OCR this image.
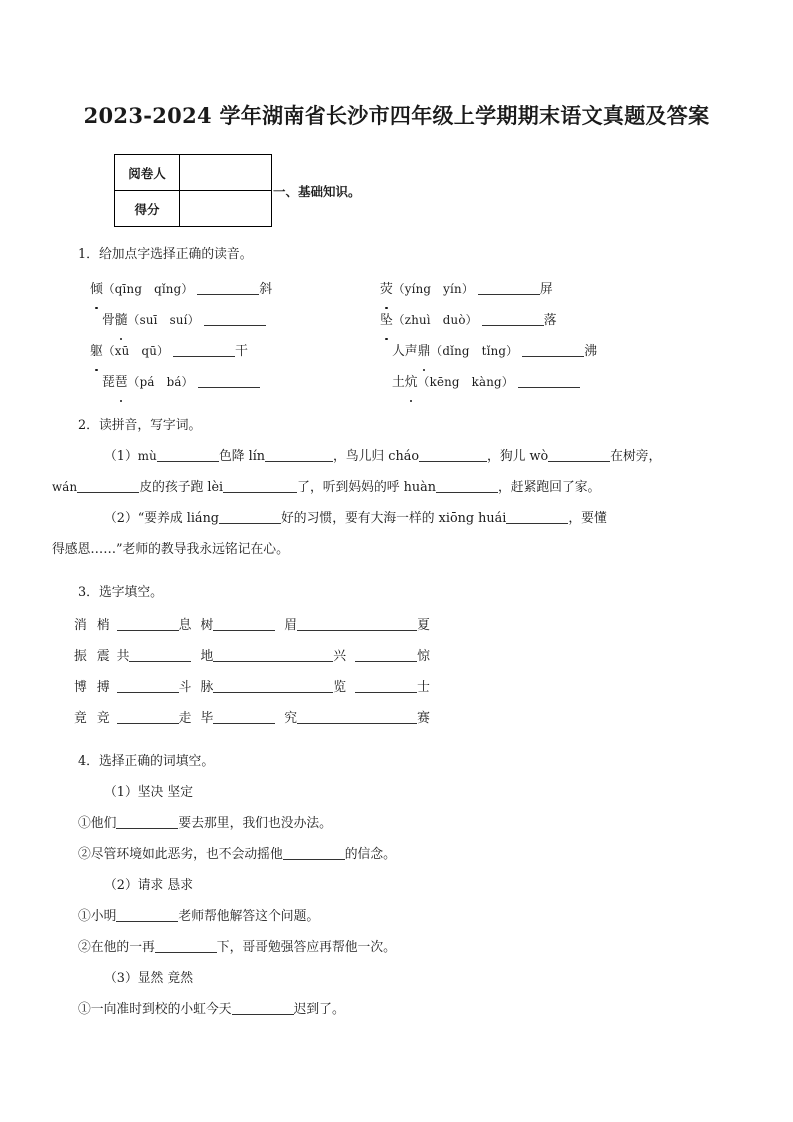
2023-2024 学年湖南省长沙市四年级上学期期末语文真题及答案
阅卷人	
得分	
一、基础知识。

1．给加点字选择正确的读音。

倾（qīng　qǐng）	斜	荧（yíng　yín）	屏
骨髓（suī　suí）	坠（zhuì　duò）	落
躯（xū　qū）	干	人声鼎（dǐng　tǐng）	沸
琵琶（pá　bá）	土炕（kēng　kàng）

2．读拼音，写字词。

（1）mù	色降 lín	，鸟儿归 cháo	，狗儿 wò	在树旁，
wán	皮的孩子跑 lèi	了，听到妈妈的呼 huàn	，赶紧跑回了家。
（2）“要养成 liáng	好的习惯，要有大海一样的 xiōng huái	，要懂
得感恩……”老师的教导我永远铭记在心。

3．选字填空。

消 梢	息 树	眉	夏
振 震 共	地	兴	惊
博 搏	斗 脉	览	士
竟 竞	走 毕	究	赛

4．选择正确的词填空。

（1）坚决 坚定

①他们	要去那里，我们也没办法。

②尽管环境如此恶劣，也不会动摇他	的信念。

（2）请求 恳求

①小明	老师帮他解答这个问题。

②在他的一再	下，哥哥勉强答应再帮他一次。

（3）显然 竟然

①一向准时到校的小虹今天	迟到了。
